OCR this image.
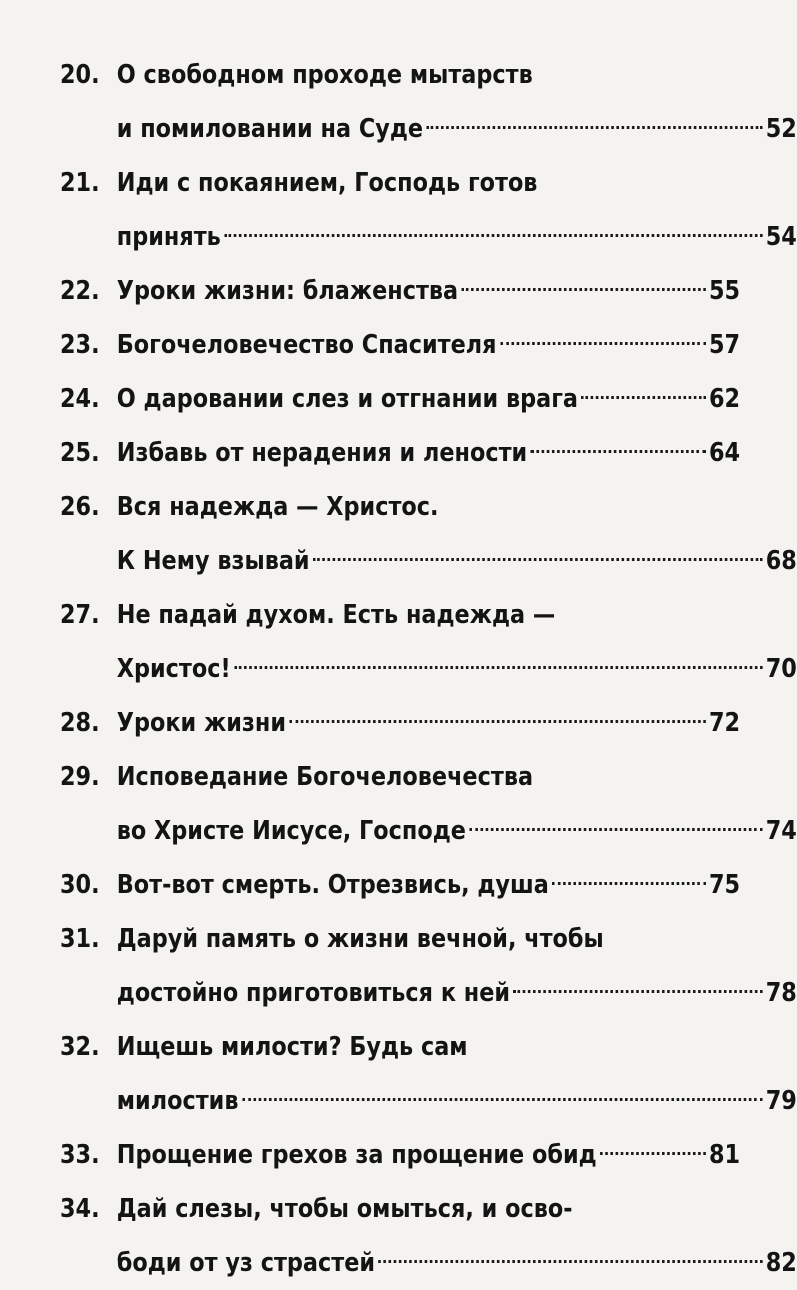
20. О свободном проходе мытарств
и помиловании на Суде	52
21. Иди с покаянием, Господь готов
принять	54
22. Уроки жизни: блаженства	55
23. Богочеловечество Спасителя	57
24. О даровании слез и отгнании врага	62
25. Избавь от нерадения и лености	64
26. Вся надежда — Христос.
К Нему взывай	68
27. Не падай духом. Есть надежда —
Христос!	70
28. Уроки жизни	72
29. Исповедание Богочеловечества
во Христе Иисусе, Господе	74
30. Вот-вот смерть. Отрезвись, душа	75
31. Даруй память о жизни вечной, чтобы
достойно приготовиться к ней	78
32. Ищешь милости? Будь сам
милостив	79
33. Прощение грехов за прощение обид	81
34. Дай слезы, чтобы омыться, и осво-
боди от уз страстей	82
